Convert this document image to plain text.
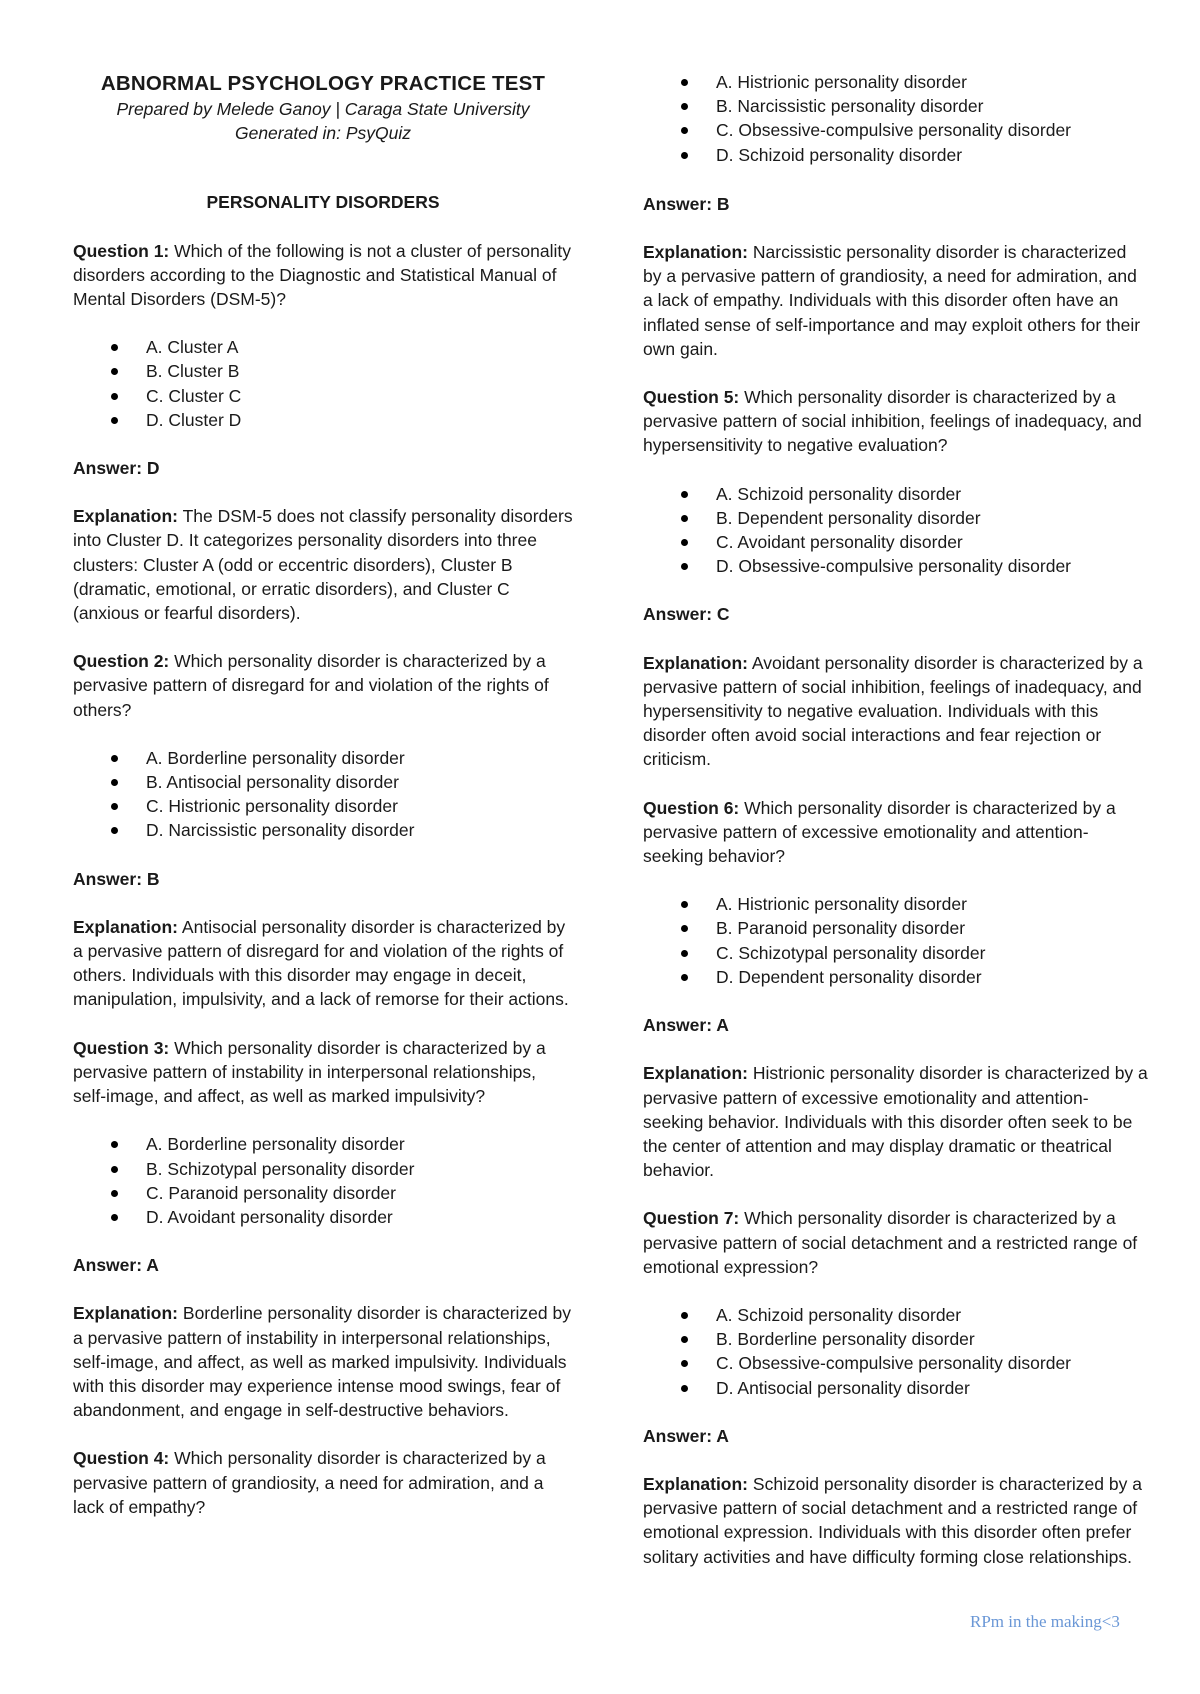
ABNORMAL PSYCHOLOGY PRACTICE TEST

Prepared by Melede Ganoy | Caraga State University

Generated in: PsyQuiz

PERSONALITY DISORDERS

Question 1: Which of the following is not a cluster of personality disorders according to the Diagnostic and Statistical Manual of Mental Disorders (DSM-5)?

A. Cluster A
B. Cluster B
C. Cluster C
D. Cluster D

Answer: D

Explanation: The DSM-5 does not classify personality disorders into Cluster D. It categorizes personality disorders into three clusters: Cluster A (odd or eccentric disorders), Cluster B (dramatic, emotional, or erratic disorders), and Cluster C (anxious or fearful disorders).

Question 2: Which personality disorder is characterized by a pervasive pattern of disregard for and violation of the rights of others?

A. Borderline personality disorder
B. Antisocial personality disorder
C. Histrionic personality disorder
D. Narcissistic personality disorder

Answer: B

Explanation: Antisocial personality disorder is characterized by a pervasive pattern of disregard for and violation of the rights of others. Individuals with this disorder may engage in deceit, manipulation, impulsivity, and a lack of remorse for their actions.

Question 3: Which personality disorder is characterized by a pervasive pattern of instability in interpersonal relationships, self-image, and affect, as well as marked impulsivity?

A. Borderline personality disorder
B. Schizotypal personality disorder
C. Paranoid personality disorder
D. Avoidant personality disorder

Answer: A

Explanation: Borderline personality disorder is characterized by a pervasive pattern of instability in interpersonal relationships, self-image, and affect, as well as marked impulsivity. Individuals with this disorder may experience intense mood swings, fear of abandonment, and engage in self-destructive behaviors.

Question 4: Which personality disorder is characterized by a pervasive pattern of grandiosity, a need for admiration, and a lack of empathy?

A. Histrionic personality disorder
B. Narcissistic personality disorder
C. Obsessive-compulsive personality disorder
D. Schizoid personality disorder

Answer: B

Explanation: Narcissistic personality disorder is characterized by a pervasive pattern of grandiosity, a need for admiration, and a lack of empathy. Individuals with this disorder often have an inflated sense of self-importance and may exploit others for their own gain.

Question 5: Which personality disorder is characterized by a pervasive pattern of social inhibition, feelings of inadequacy, and hypersensitivity to negative evaluation?

A. Schizoid personality disorder
B. Dependent personality disorder
C. Avoidant personality disorder
D. Obsessive-compulsive personality disorder

Answer: C

Explanation: Avoidant personality disorder is characterized by a pervasive pattern of social inhibition, feelings of inadequacy, and hypersensitivity to negative evaluation. Individuals with this disorder often avoid social interactions and fear rejection or criticism.

Question 6: Which personality disorder is characterized by a pervasive pattern of excessive emotionality and attention-seeking behavior?

A. Histrionic personality disorder
B. Paranoid personality disorder
C. Schizotypal personality disorder
D. Dependent personality disorder

Answer: A

Explanation: Histrionic personality disorder is characterized by a pervasive pattern of excessive emotionality and attention-seeking behavior. Individuals with this disorder often seek to be the center of attention and may display dramatic or theatrical behavior.

Question 7: Which personality disorder is characterized by a pervasive pattern of social detachment and a restricted range of emotional expression?

A. Schizoid personality disorder
B. Borderline personality disorder
C. Obsessive-compulsive personality disorder
D. Antisocial personality disorder

Answer: A

Explanation: Schizoid personality disorder is characterized by a pervasive pattern of social detachment and a restricted range of emotional expression. Individuals with this disorder often prefer solitary activities and have difficulty forming close relationships.

RPm in the making<3
